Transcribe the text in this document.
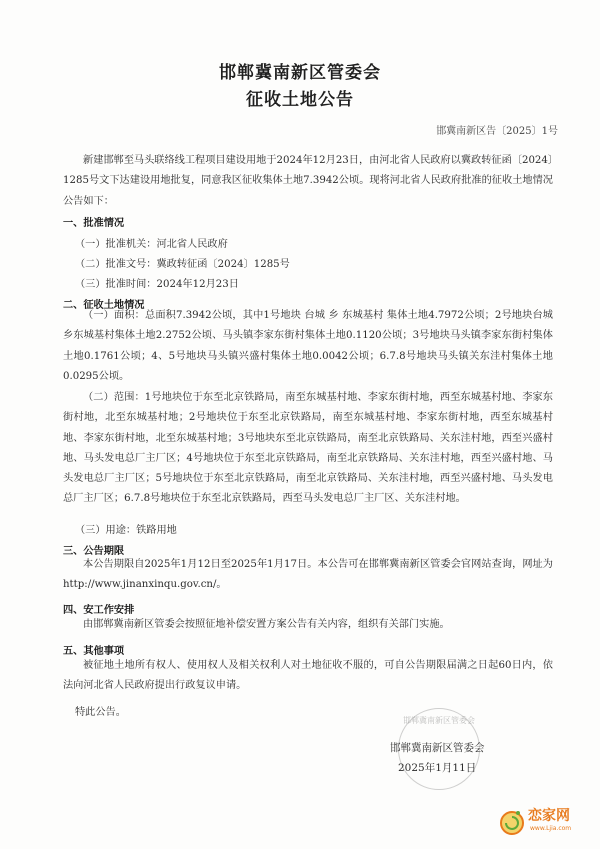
邯郸冀南新区管委会
征收土地公告
邯冀南新区告〔2025〕1号
新建邯郸至马头联络线工程项目建设用地于2024年12月23日，由河北省人民政府以冀政转征函〔2024〕1285号文下达建设用地批复，同意我区征收集体土地7.3942公顷。现将河北省人民政府批准的征收土地情况公告如下：
一、批准情况
（一）批准机关：河北省人民政府
（二）批准文号：冀政转征函〔2024〕1285号
（三）批准时间：2024年12月23日
二、征收土地情况
（一）面积：总面积7.3942公顷，其中1号地块 台城 乡 东城基村 集体土地4.7972公顷；2号地块台城乡东城基村集体土地2.2752公顷、马头镇李家东街村集体土地0.1120公顷；3号地块马头镇李家东街村集体土地0.1761公顷；4、5号地块马头镇兴盛村集体土地0.0042公顷；6.7.8号地块马头镇关东洼村集体土地0.0295公顷。
（二）范围：1号地块位于东至北京铁路局，南至东城基村地、李家东街村地，西至东城基村地、李家东街村地，北至东城基村地；2号地块位于东至北京铁路局，南至东城基村地、李家东街村地，西至东城基村地、李家东街村地，北至东城基村地；3号地块东至北京铁路局，南至北京铁路局、关东洼村地，西至兴盛村地、马头发电总厂主厂区；4号地块位于东至北京铁路局，南至北京铁路局、关东洼村地，西至兴盛村地、马头发电总厂主厂区；5号地块位于东至北京铁路局，南至北京铁路局、关东洼村地，西至兴盛村地、马头发电总厂主厂区；6.7.8号地块位于东至北京铁路局，西至马头发电总厂主厂区、关东洼村地。
（三）用途：铁路用地
三、公告期限
本公告期限自2025年1月12日至2025年1月17日。本公告可在邯郸冀南新区管委会官网站查询，网址为http://www.jinanxinqu.gov.cn/。
四、安工作安排
由邯郸冀南新区管委会按照征地补偿安置方案公告有关内容，组织有关部门实施。
五、其他事项
被征地土地所有权人、使用权人及相关权利人对土地征收不服的，可自公告期限届满之日起60日内，依法向河北省人民政府提出行政复议申请。
特此公告。
邯郸冀南新区管委会
邯郸冀南新区管委会
2025年1月11日
恋家网
www.Ljia.com
